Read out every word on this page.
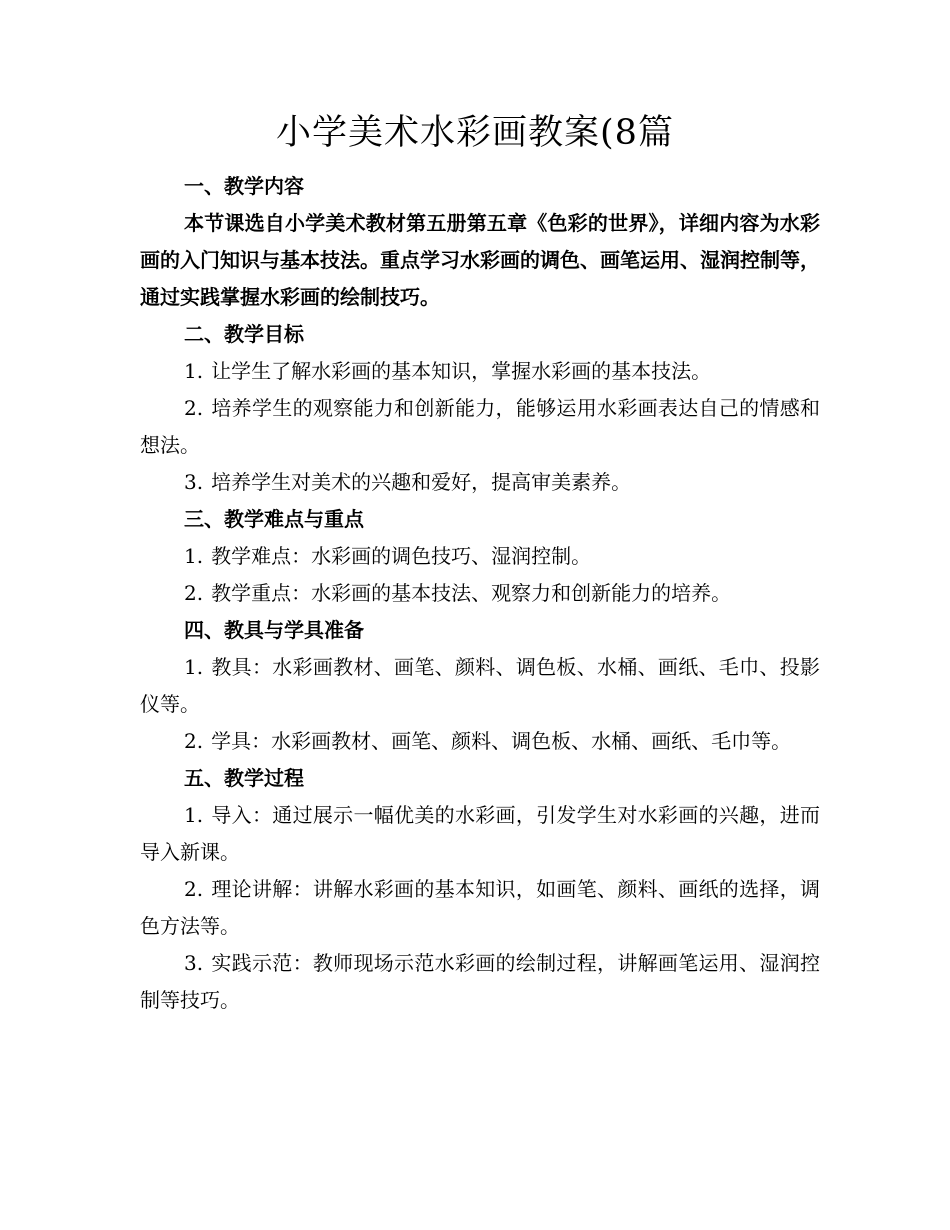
小学美术水彩画教案(8篇

一、教学内容

本节课选自小学美术教材第五册第五章《色彩的世界》，详细内容为水彩画的入门知识与基本技法。重点学习水彩画的调色、画笔运用、湿润控制等，通过实践掌握水彩画的绘制技巧。

二、教学目标

1. 让学生了解水彩画的基本知识，掌握水彩画的基本技法。

2. 培养学生的观察能力和创新能力，能够运用水彩画表达自己的情感和想法。

3. 培养学生对美术的兴趣和爱好，提高审美素养。

三、教学难点与重点

1. 教学难点：水彩画的调色技巧、湿润控制。

2. 教学重点：水彩画的基本技法、观察力和创新能力的培养。

四、教具与学具准备

1. 教具：水彩画教材、画笔、颜料、调色板、水桶、画纸、毛巾、投影仪等。

2. 学具：水彩画教材、画笔、颜料、调色板、水桶、画纸、毛巾等。

五、教学过程

1. 导入：通过展示一幅优美的水彩画，引发学生对水彩画的兴趣，进而导入新课。

2. 理论讲解：讲解水彩画的基本知识，如画笔、颜料、画纸的选择，调色方法等。

3. 实践示范：教师现场示范水彩画的绘制过程，讲解画笔运用、湿润控制等技巧。
